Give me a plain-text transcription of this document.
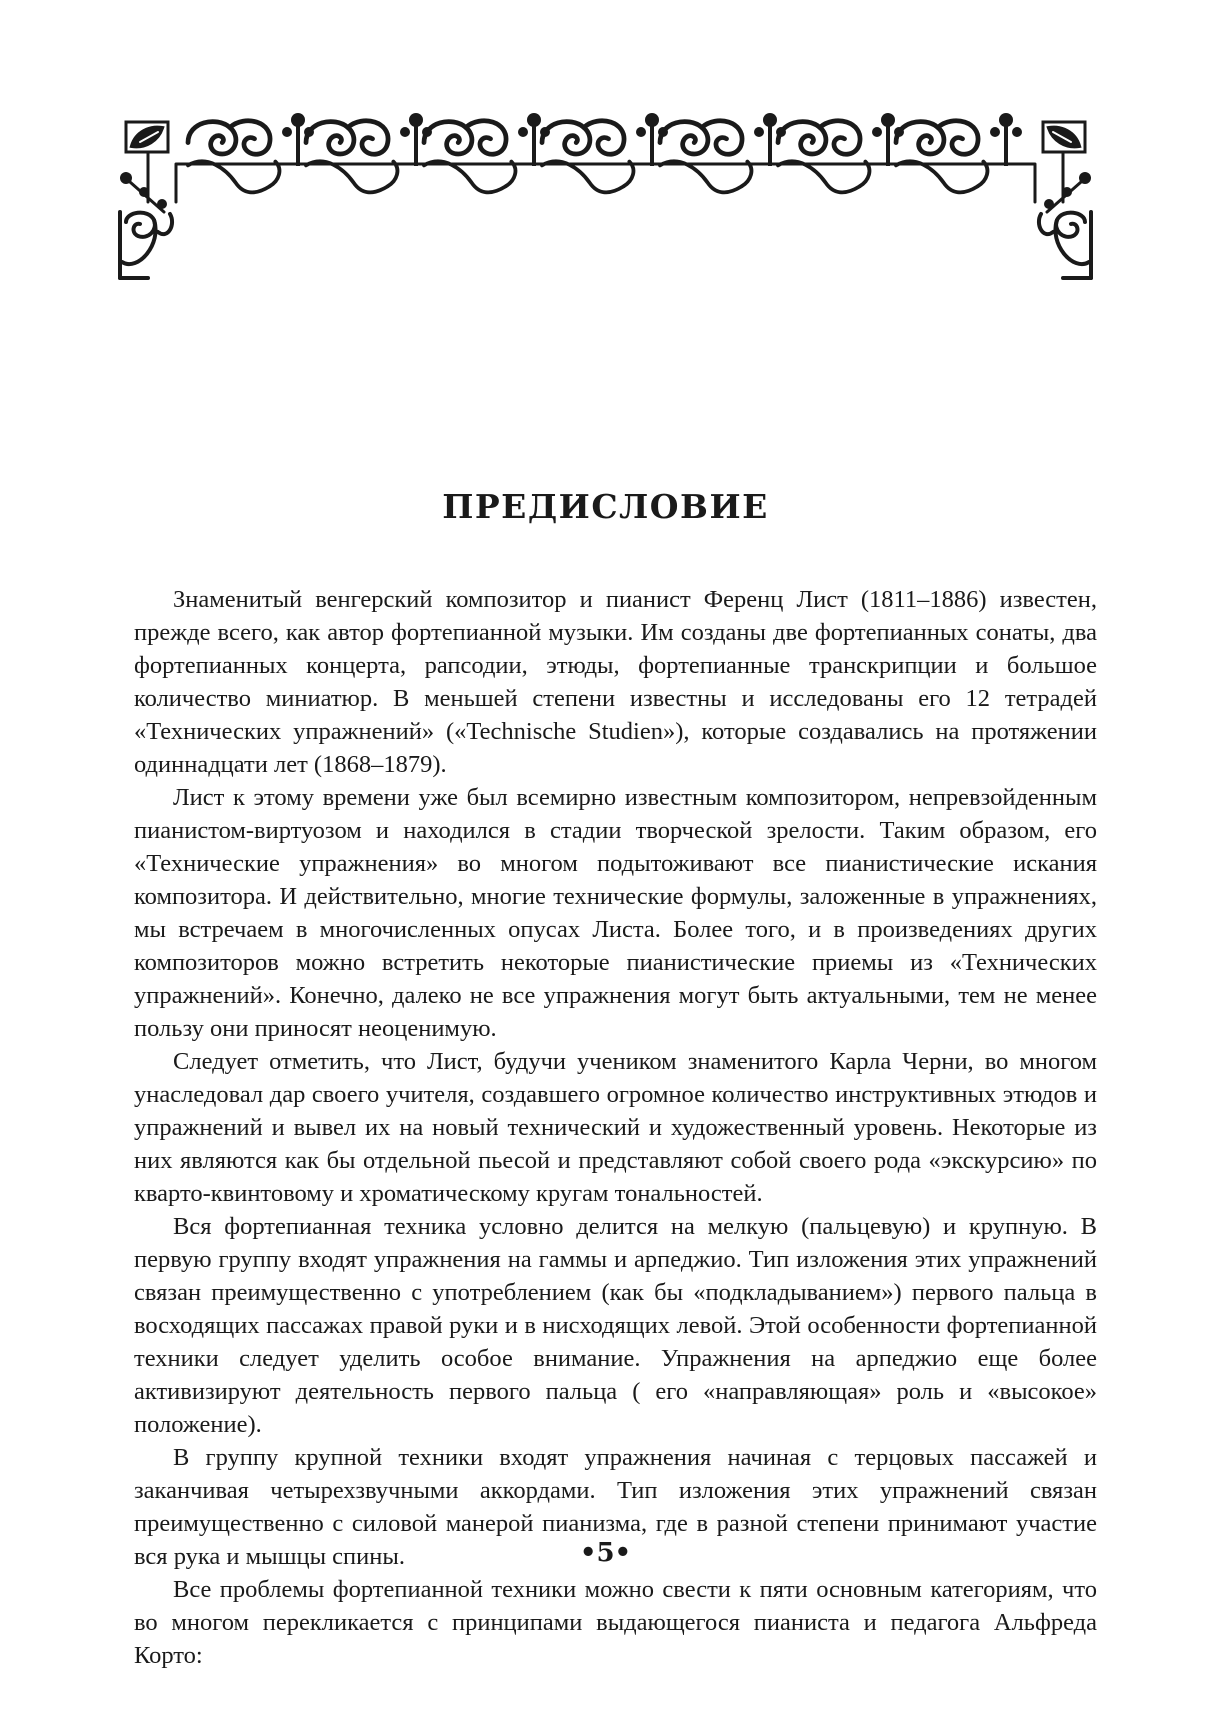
ПРЕДИСЛОВИЕ

Знаменитый венгерский композитор и пианист Ференц Лист (1811–1886) известен, прежде всего, как автор фортепианной музыки. Им созданы две фортепианных сонаты, два фортепианных концерта, рапсодии, этюды, фортепианные транскрипции и большое количество миниатюр. В меньшей степени известны и исследованы его 12 тетрадей «Технических упражнений» («Technische Studien»), которые создавались на протяжении одиннадцати лет (1868–1879).

Лист к этому времени уже был всемирно известным композитором, непревзойденным пианистом-виртуозом и находился в стадии творческой зрелости. Таким образом, его «Технические упражнения» во многом подытоживают все пианистические искания композитора. И действительно, многие технические формулы, заложенные в упражнениях, мы встречаем в многочисленных опусах Листа. Более того, и в произведениях других композиторов можно встретить некоторые пианистические приемы из «Технических упражнений». Конечно, далеко не все упражнения могут быть актуальными, тем не менее пользу они приносят неоценимую.

Следует отметить, что Лист, будучи учеником знаменитого Карла Черни, во многом унаследовал дар своего учителя, создавшего огромное количество инструктивных этюдов и упражнений и вывел их на новый технический и художественный уровень. Некоторые из них являются как бы отдельной пьесой и представляют собой своего рода «экскурсию» по кварто-квинтовому и хроматическому кругам тональностей.

Вся фортепианная техника условно делится на мелкую (пальцевую) и крупную. В первую группу входят упражнения на гаммы и арпеджио. Тип изложения этих упражнений связан преимущественно с употреблением (как бы «подкладыванием») первого пальца в восходящих пассажах правой руки и в нисходящих левой. Этой особенности фортепианной техники следует уделить особое внимание. Упражнения на арпеджио еще более активизируют деятельность первого пальца ( его «направляющая» роль и «высокое» положение).

В группу крупной техники входят упражнения начиная с терцовых пассажей и заканчивая четырехзвучными аккордами. Тип изложения этих упражнений связан преимущественно с силовой манерой пианизма, где в разной степени принимают участие вся рука и мышцы спины.

Все проблемы фортепианной техники можно свести к пяти основным категориям, что во многом перекликается с принципами выдающегося пианиста и педагога Альфреда Корто:

•5•
